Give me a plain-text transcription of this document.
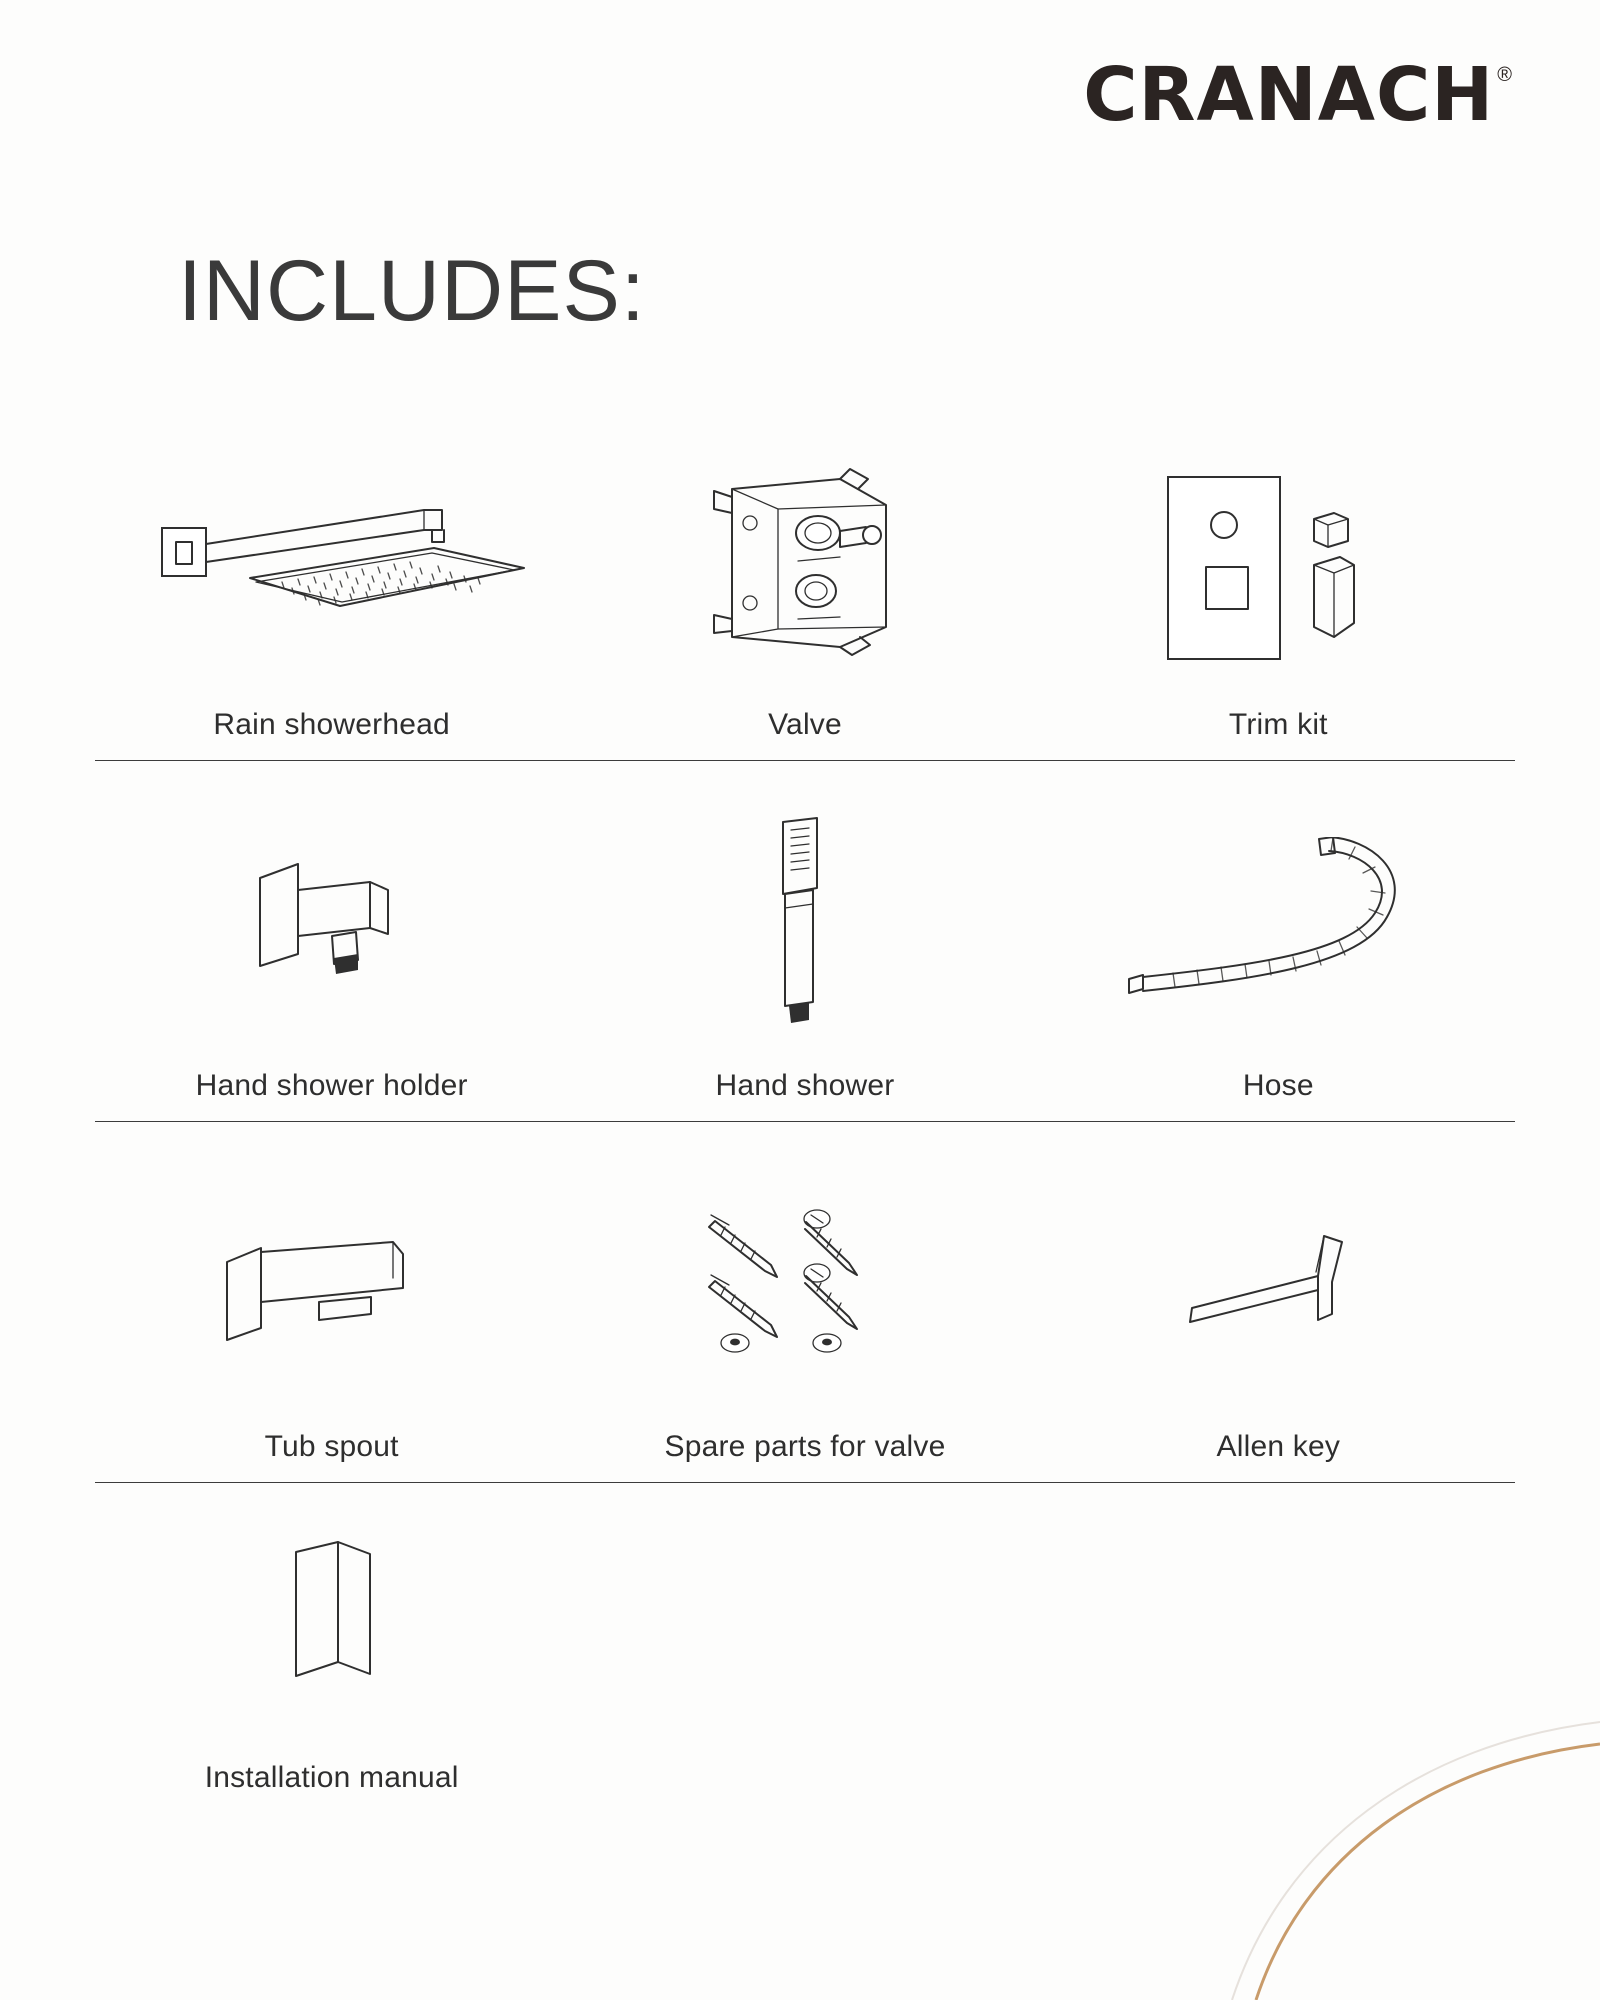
CRANACH ®
INCLUDES:
Rain showerhead	Valve	Trim kit
Hand shower holder	Hand shower	Hose
Tub spout	Spare parts for valve	Allen key
Installation manual
